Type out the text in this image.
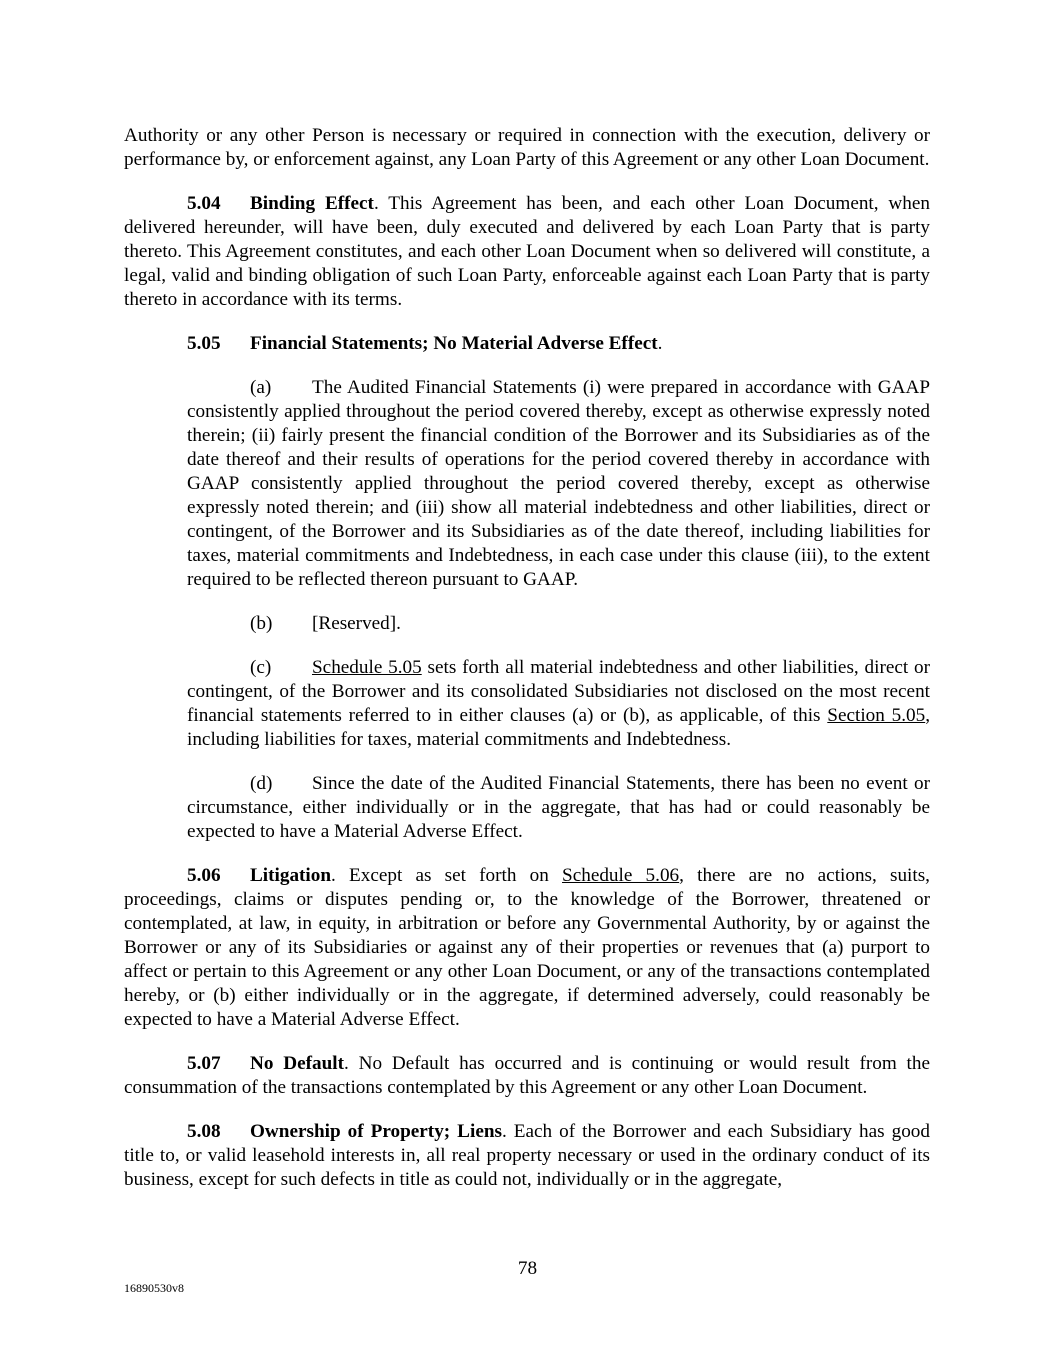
Authority or any other Person is necessary or required in connection with the execution, delivery or performance by, or enforcement against, any Loan Party of this Agreement or any other Loan Document.

5.04 Binding Effect. This Agreement has been, and each other Loan Document, when delivered hereunder, will have been, duly executed and delivered by each Loan Party that is party thereto. This Agreement constitutes, and each other Loan Document when so delivered will constitute, a legal, valid and binding obligation of such Loan Party, enforceable against each Loan Party that is party thereto in accordance with its terms.

5.05 Financial Statements; No Material Adverse Effect.

(a) The Audited Financial Statements (i) were prepared in accordance with GAAP consistently applied throughout the period covered thereby, except as otherwise expressly noted therein; (ii) fairly present the financial condition of the Borrower and its Subsidiaries as of the date thereof and their results of operations for the period covered thereby in accordance with GAAP consistently applied throughout the period covered thereby, except as otherwise expressly noted therein; and (iii) show all material indebtedness and other liabilities, direct or contingent, of the Borrower and its Subsidiaries as of the date thereof, including liabilities for taxes, material commitments and Indebtedness, in each case under this clause (iii), to the extent required to be reflected thereon pursuant to GAAP.

(b) [Reserved].

(c) Schedule 5.05 sets forth all material indebtedness and other liabilities, direct or contingent, of the Borrower and its consolidated Subsidiaries not disclosed on the most recent financial statements referred to in either clauses (a) or (b), as applicable, of this Section 5.05, including liabilities for taxes, material commitments and Indebtedness.

(d) Since the date of the Audited Financial Statements, there has been no event or circumstance, either individually or in the aggregate, that has had or could reasonably be expected to have a Material Adverse Effect.

5.06 Litigation. Except as set forth on Schedule 5.06, there are no actions, suits, proceedings, claims or disputes pending or, to the knowledge of the Borrower, threatened or contemplated, at law, in equity, in arbitration or before any Governmental Authority, by or against the Borrower or any of its Subsidiaries or against any of their properties or revenues that (a) purport to affect or pertain to this Agreement or any other Loan Document, or any of the transactions contemplated hereby, or (b) either individually or in the aggregate, if determined adversely, could reasonably be expected to have a Material Adverse Effect.

5.07 No Default. No Default has occurred and is continuing or would result from the consummation of the transactions contemplated by this Agreement or any other Loan Document.

5.08 Ownership of Property; Liens. Each of the Borrower and each Subsidiary has good title to, or valid leasehold interests in, all real property necessary or used in the ordinary conduct of its business, except for such defects in title as could not, individually or in the aggregate,

78
16890530v8
